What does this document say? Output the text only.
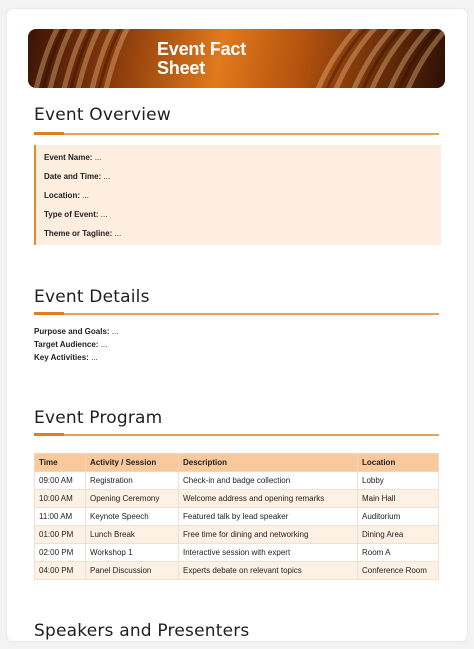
Event Fact Sheet
Event Overview
Event Name: ...
Date and Time: ...
Location: ...
Type of Event: ...
Theme or Tagline: ...
Event Details
Purpose and Goals: ...
Target Audience: ...
Key Activities: ...
Event Program
Time	Activity / Session	Description	Location
09:00 AM	Registration	Check-in and badge collection	Lobby
10:00 AM	Opening Ceremony	Welcome address and opening remarks	Main Hall
11:00 AM	Keynote Speech	Featured talk by lead speaker	Auditorium
01:00 PM	Lunch Break	Free time for dining and networking	Dining Area
02:00 PM	Workshop 1	Interactive session with expert	Room A
04:00 PM	Panel Discussion	Experts debate on relevant topics	Conference Room
Speakers and Presenters
